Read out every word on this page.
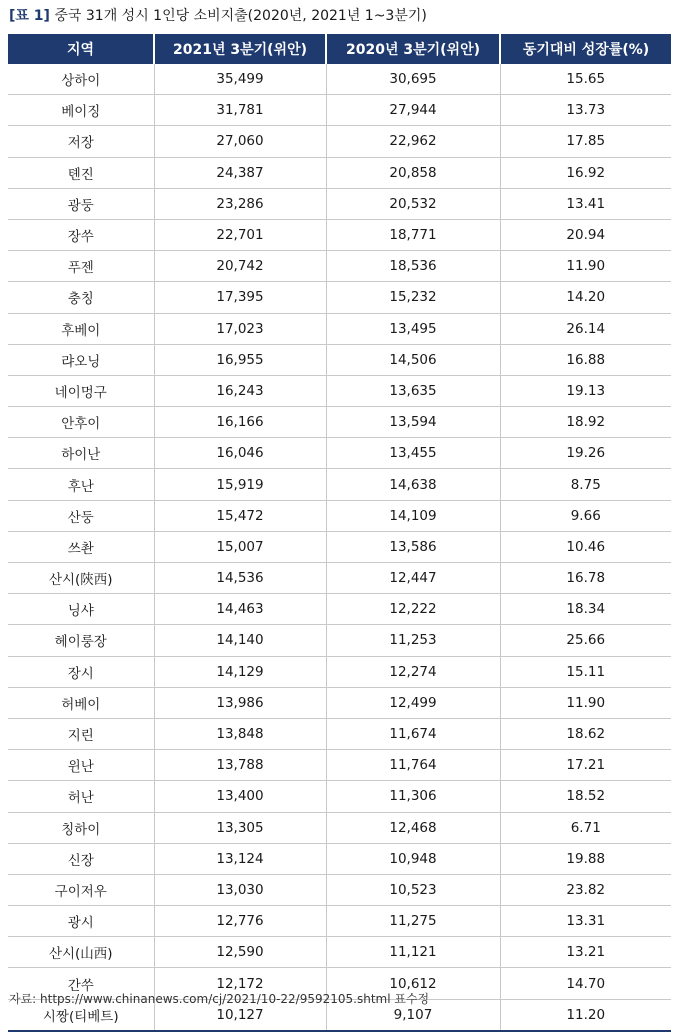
[표 1] 중국 31개 성시 1인당 소비지출(2020년, 2021년 1~3분기)
지역	2021년 3분기(위안)	2020년 3분기(위안)	동기대비 성장률(%)
상하이	35,499	30,695	15.65
베이징	31,781	27,944	13.73
저장	27,060	22,962	17.85
톈진	24,387	20,858	16.92
광둥	23,286	20,532	13.41
장쑤	22,701	18,771	20.94
푸젠	20,742	18,536	11.90
충칭	17,395	15,232	14.20
후베이	17,023	13,495	26.14
랴오닝	16,955	14,506	16.88
네이멍구	16,243	13,635	19.13
안후이	16,166	13,594	18.92
하이난	16,046	13,455	19.26
후난	15,919	14,638	8.75
산둥	15,472	14,109	9.66
쓰촨	15,007	13,586	10.46
산시(陝西)	14,536	12,447	16.78
닝샤	14,463	12,222	18.34
헤이룽장	14,140	11,253	25.66
장시	14,129	12,274	15.11
허베이	13,986	12,499	11.90
지린	13,848	11,674	18.62
윈난	13,788	11,764	17.21
허난	13,400	11,306	18.52
칭하이	13,305	12,468	6.71
신장	13,124	10,948	19.88
구이저우	13,030	10,523	23.82
광시	12,776	11,275	13.31
산시(山西)	12,590	11,121	13.21
간쑤	12,172	10,612	14.70
시짱(티베트)	10,127	9,107	11.20
자료: https://www.chinanews.com/cj/2021/10-22/9592105.shtml 표수정
